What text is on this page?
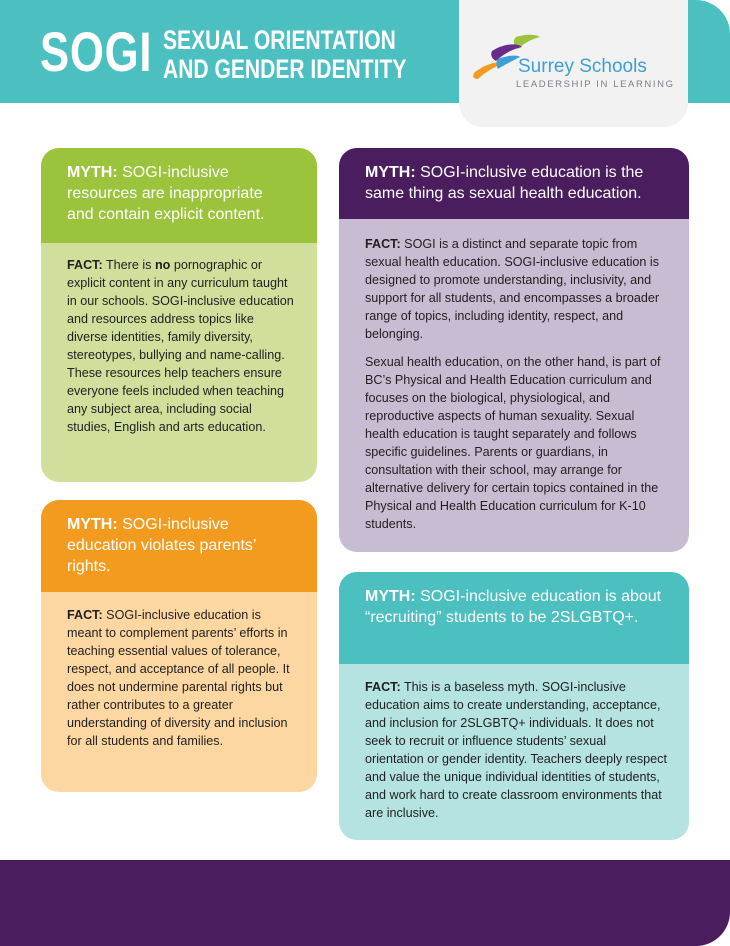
SOGI SEXUAL ORIENTATION
AND GENDER IDENTITY	Surrey Schools
LEADERSHIP IN LEARNING
MYTH: SOGI-inclusive resources are inappropriate and contain explicit content.

FACT: There is no pornographic or explicit content in any curriculum taught in our schools. SOGI-inclusive education and resources address topics like diverse identities, family diversity, stereotypes, bullying and name-calling. These resources help teachers ensure everyone feels included when teaching any subject area, including social studies, English and arts education.

MYTH: SOGI-inclusive education is the same thing as sexual health education.

FACT: SOGI is a distinct and separate topic from sexual health education. SOGI-inclusive education is designed to promote understanding, inclusivity, and support for all students, and encompasses a broader range of topics, including identity, respect, and belonging.

Sexual health education, on the other hand, is part of BC’s Physical and Health Education curriculum and focuses on the biological, physiological, and reproductive aspects of human sexuality. Sexual health education is taught separately and follows specific guidelines. Parents or guardians, in consultation with their school, may arrange for alternative delivery for certain topics contained in the Physical and Health Education curriculum for K-10 students.

MYTH: SOGI-inclusive education violates parents’ rights.

FACT: SOGI-inclusive education is meant to complement parents’ efforts in teaching essential values of tolerance, respect, and acceptance of all people. It does not undermine parental rights but rather contributes to a greater understanding of diversity and inclusion for all students and families.

MYTH: SOGI-inclusive education is about “recruiting” students to be 2SLGBTQ+.

FACT: This is a baseless myth. SOGI-inclusive education aims to create understanding, acceptance, and inclusion for 2SLGBTQ+ individuals. It does not seek to recruit or influence students’ sexual orientation or gender identity. Teachers deeply respect and value the unique individual identities of students, and work hard to create classroom environments that are inclusive.
